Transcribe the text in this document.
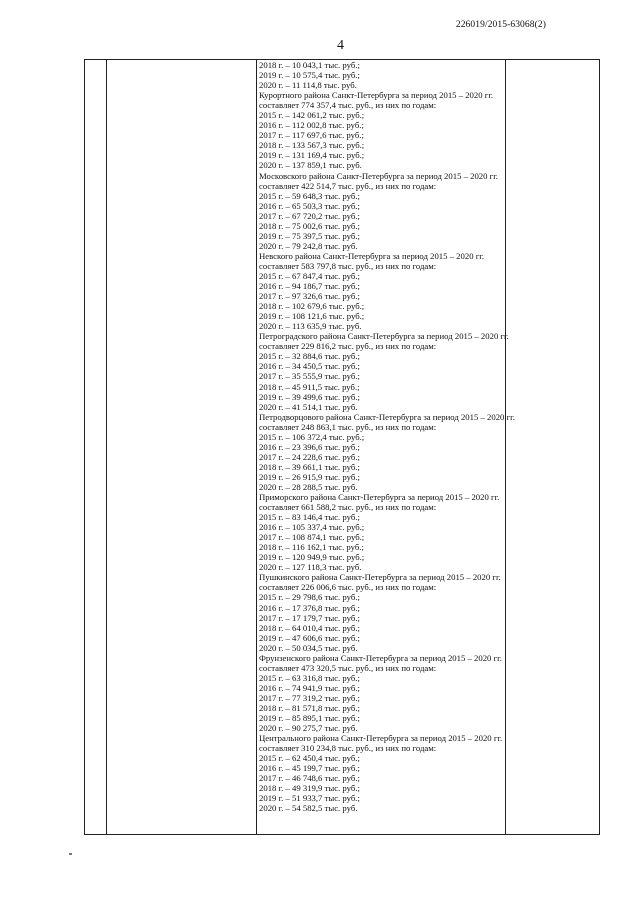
226019/2015-63068(2)
4
2018 г. – 10 043,1 тыс. руб.;
2019 г. – 10 575,4 тыс. руб.;
2020 г. – 11 114,8 тыс. руб.
Курортного района Санкт-Петербурга за период 2015 – 2020 гг.
составляет 774 357,4 тыс. руб., из них по годам:
2015 г. – 142 061,2 тыс. руб.;
2016 г. – 112 002,8 тыс. руб.;
2017 г. – 117 697,6 тыс. руб.;
2018 г. – 133 567,3 тыс. руб.;
2019 г. – 131 169,4 тыс. руб.;
2020 г. – 137 859,1 тыс. руб.
Московского района Санкт-Петербурга за период 2015 – 2020 гг.
составляет 422 514,7 тыс. руб., из них по годам:
2015 г. – 59 648,3 тыс. руб.;
2016 г. – 65 503,3 тыс. руб.;
2017 г. – 67 720,2 тыс. руб.;
2018 г. – 75 002,6 тыс. руб.;
2019 г. – 75 397,5 тыс. руб.;
2020 г. – 79 242,8 тыс. руб.
Невского района Санкт-Петербурга за период 2015 – 2020 гг.
составляет 583 797,8 тыс. руб., из них по годам:
2015 г. – 67 847,4 тыс. руб.;
2016 г. – 94 186,7 тыс. руб.;
2017 г. – 97 326,6 тыс. руб.;
2018 г. – 102 679,6 тыс. руб.;
2019 г. – 108 121,6 тыс. руб.;
2020 г. – 113 635,9 тыс. руб.
Петроградского района Санкт-Петербурга за период 2015 – 2020 гг.
составляет 229 816,2 тыс. руб., из них по годам:
2015 г. – 32 884,6 тыс. руб.;
2016 г. – 34 450,5 тыс. руб.;
2017 г. – 35 555,9 тыс. руб.;
2018 г. – 45 911,5 тыс. руб.;
2019 г. – 39 499,6 тыс. руб.;
2020 г. – 41 514,1 тыс. руб.
Петродворцового района Санкт-Петербурга за период 2015 – 2020 гг.
составляет 248 863,1 тыс. руб., из них по годам:
2015 г. – 106 372,4 тыс. руб.;
2016 г. – 23 396,6 тыс. руб.;
2017 г. – 24 228,6 тыс. руб.;
2018 г. – 39 661,1 тыс. руб.;
2019 г. – 26 915,9 тыс. руб.;
2020 г. – 28 288,5 тыс. руб.
Приморского района Санкт-Петербурга за период 2015 – 2020 гг.
составляет 661 588,2 тыс. руб., из них по годам:
2015 г. – 83 146,4 тыс. руб.;
2016 г. – 105 337,4 тыс. руб.;
2017 г. – 108 874,1 тыс. руб.;
2018 г. – 116 162,1 тыс. руб.;
2019 г. – 120 949,9 тыс. руб.;
2020 г. – 127 118,3 тыс. руб.
Пушкинского района Санкт-Петербурга за период 2015 – 2020 гг.
составляет 226 006,6 тыс. руб., из них по годам:
2015 г. – 29 798,6 тыс. руб.;
2016 г. – 17 376,8 тыс. руб.;
2017 г. – 17 179,7 тыс. руб.;
2018 г. – 64 010,4 тыс. руб.;
2019 г. – 47 606,6 тыс. руб.;
2020 г. – 50 034,5 тыс. руб.
Фрунзенского района Санкт-Петербурга за период 2015 – 2020 гг.
составляет 473 320,5 тыс. руб., из них по годам:
2015 г. – 63 316,8 тыс. руб.;
2016 г. – 74 941,9 тыс. руб.;
2017 г. – 77 319,2 тыс. руб.;
2018 г. – 81 571,8 тыс. руб.;
2019 г. – 85 895,1 тыс. руб.;
2020 г. – 90 275,7 тыс. руб.
Центрального района Санкт-Петербурга за период 2015 – 2020 гг.
составляет 310 234,8 тыс. руб., из них по годам:
2015 г. – 62 450,4 тыс. руб.;
2016 г. – 45 199,7 тыс. руб.;
2017 г. – 46 748,6 тыс. руб.;
2018 г. – 49 319,9 тыс. руб.;
2019 г. – 51 933,7 тыс. руб.;
2020 г. – 54 582,5 тыс. руб.
